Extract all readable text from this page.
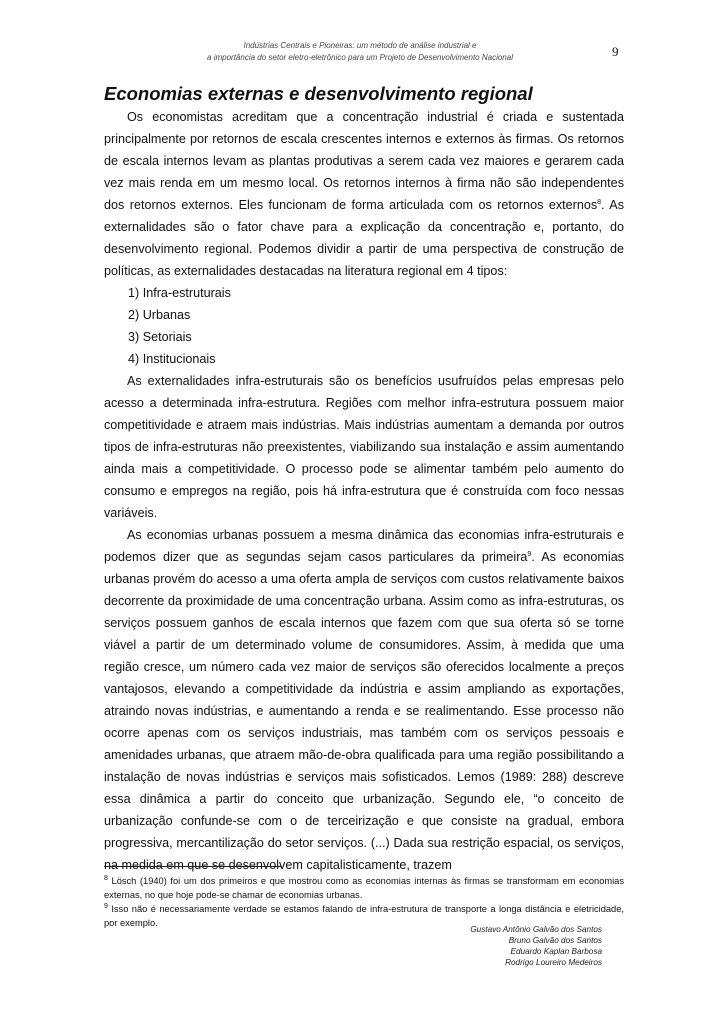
Indústrias Centrais e Pioneiras: um método de análise industrial e
a importância do setor eletro-eletrônico para um Projeto de Desenvolvimento Nacional	9
Economias externas e desenvolvimento regional

Os economistas acreditam que a concentração industrial é criada e sustentada principalmente por retornos de escala crescentes internos e externos às firmas. Os retornos de escala internos levam as plantas produtivas a serem cada vez maiores e gerarem cada vez mais renda em um mesmo local. Os retornos internos à firma não são independentes dos retornos externos. Eles funcionam de forma articulada com os retornos externos$^8$. As externalidades são o fator chave para a explicação da concentração e, portanto, do desenvolvimento regional. Podemos dividir a partir de uma perspectiva de construção de políticas, as externalidades destacadas na literatura regional em 4 tipos:

1) Infra-estruturais
2) Urbanas
3) Setoriais
4) Institucionais

As externalidades infra-estruturais são os benefícios usufruídos pelas empresas pelo acesso a determinada infra-estrutura. Regiões com melhor infra-estrutura possuem maior competitividade e atraem mais indústrias. Mais indústrias aumentam a demanda por outros tipos de infra-estruturas não preexistentes, viabilizando sua instalação e assim aumentando ainda mais a competitividade. O processo pode se alimentar também pelo aumento do consumo e empregos na região, pois há infra-estrutura que é construída com foco nessas variáveis.

As economias urbanas possuem a mesma dinâmica das economias infra-estruturais e podemos dizer que as segundas sejam casos particulares da primeira$^9$. As economias urbanas provém do acesso a uma oferta ampla de serviços com custos relativamente baixos decorrente da proximidade de uma concentração urbana. Assim como as infra-estruturas, os serviços possuem ganhos de escala internos que fazem com que sua oferta só se torne viável a partir de um determinado volume de consumidores. Assim, à medida que uma região cresce, um número cada vez maior de serviços são oferecidos localmente a preços vantajosos, elevando a competitividade da indústria e assim ampliando as exportações, atraindo novas indústrias, e aumentando a renda e se realimentando. Esse processo não ocorre apenas com os serviços industriais, mas também com os serviços pessoais e amenidades urbanas, que atraem mão-de-obra qualificada para uma região possibilitando a instalação de novas indústrias e serviços mais sofisticados. Lemos (1989: 288) descreve essa dinâmica a partir do conceito que urbanização. Segundo ele, “o conceito de urbanização confunde-se com o de terceirização e que consiste na gradual, embora progressiva, mercantilização do setor serviços. (...) Dada sua restrição espacial, os serviços, na medida em que se desenvolvem capitalisticamente, trazem

$^8$ Lösch (1940) foi um dos primeiros e que mostrou como as economias internas às firmas se transformam em economias externas, no que hoje pode-se chamar de economias urbanas.
$^9$ Isso não é necessariamente verdade se estamos falando de infra-estrutura de transporte a longa distância e eletricidade, por exemplo.
Gustavo Antônio Galvão dos Santos
Bruno Galvão dos Santos
Eduardo Kaplan Barbosa
Rodrigo Loureiro Medeiros
